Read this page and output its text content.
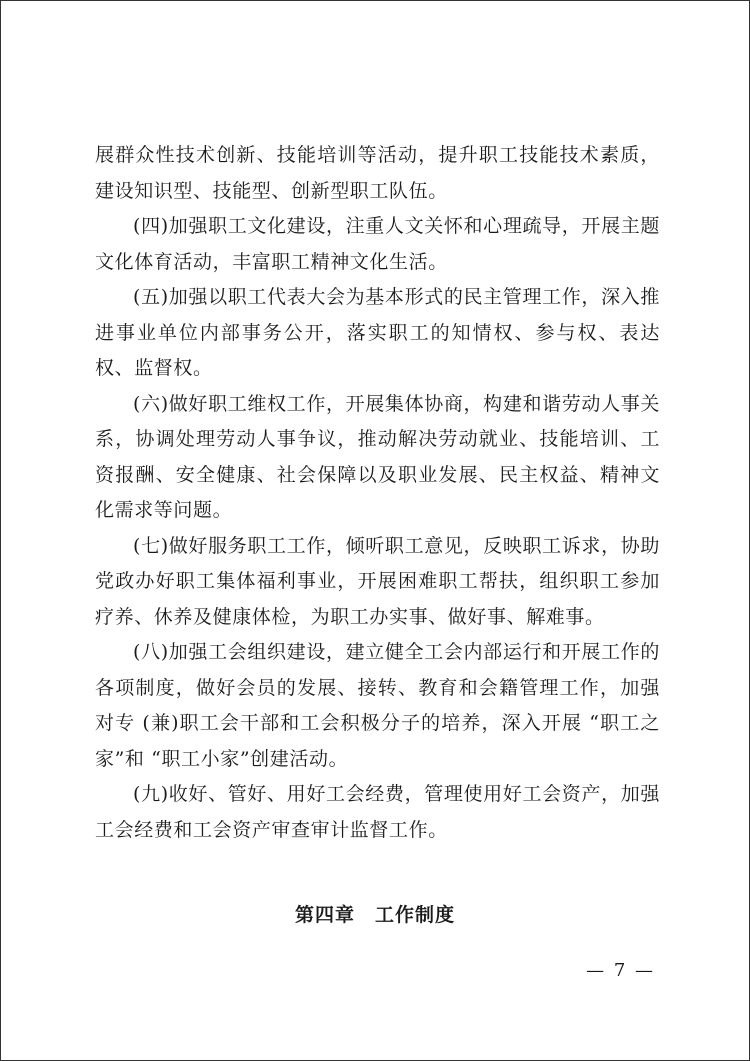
展群众性技术创新、技能培训等活动，提升职工技能技术素质，建设知识型、技能型、创新型职工队伍。

(四)加强职工文化建设，注重人文关怀和心理疏导，开展主题文化体育活动，丰富职工精神文化生活。

(五)加强以职工代表大会为基本形式的民主管理工作，深入推进事业单位内部事务公开，落实职工的知情权、参与权、表达权、监督权。

(六)做好职工维权工作，开展集体协商，构建和谐劳动人事关系，协调处理劳动人事争议，推动解决劳动就业、技能培训、工资报酬、安全健康、社会保障以及职业发展、民主权益、精神文化需求等问题。

(七)做好服务职工工作，倾听职工意见，反映职工诉求，协助党政办好职工集体福利事业，开展困难职工帮扶，组织职工参加疗养、休养及健康体检，为职工办实事、做好事、解难事。

(八)加强工会组织建设，建立健全工会内部运行和开展工作的各项制度，做好会员的发展、接转、教育和会籍管理工作，加强对专 (兼)职工会干部和工会积极分子的培养，深入开展 “职工之家”和 “职工小家”创建活动。

(九)收好、管好、用好工会经费，管理使用好工会资产，加强工会经费和工会资产审查审计监督工作。

第四章　工作制度
— 7 —
